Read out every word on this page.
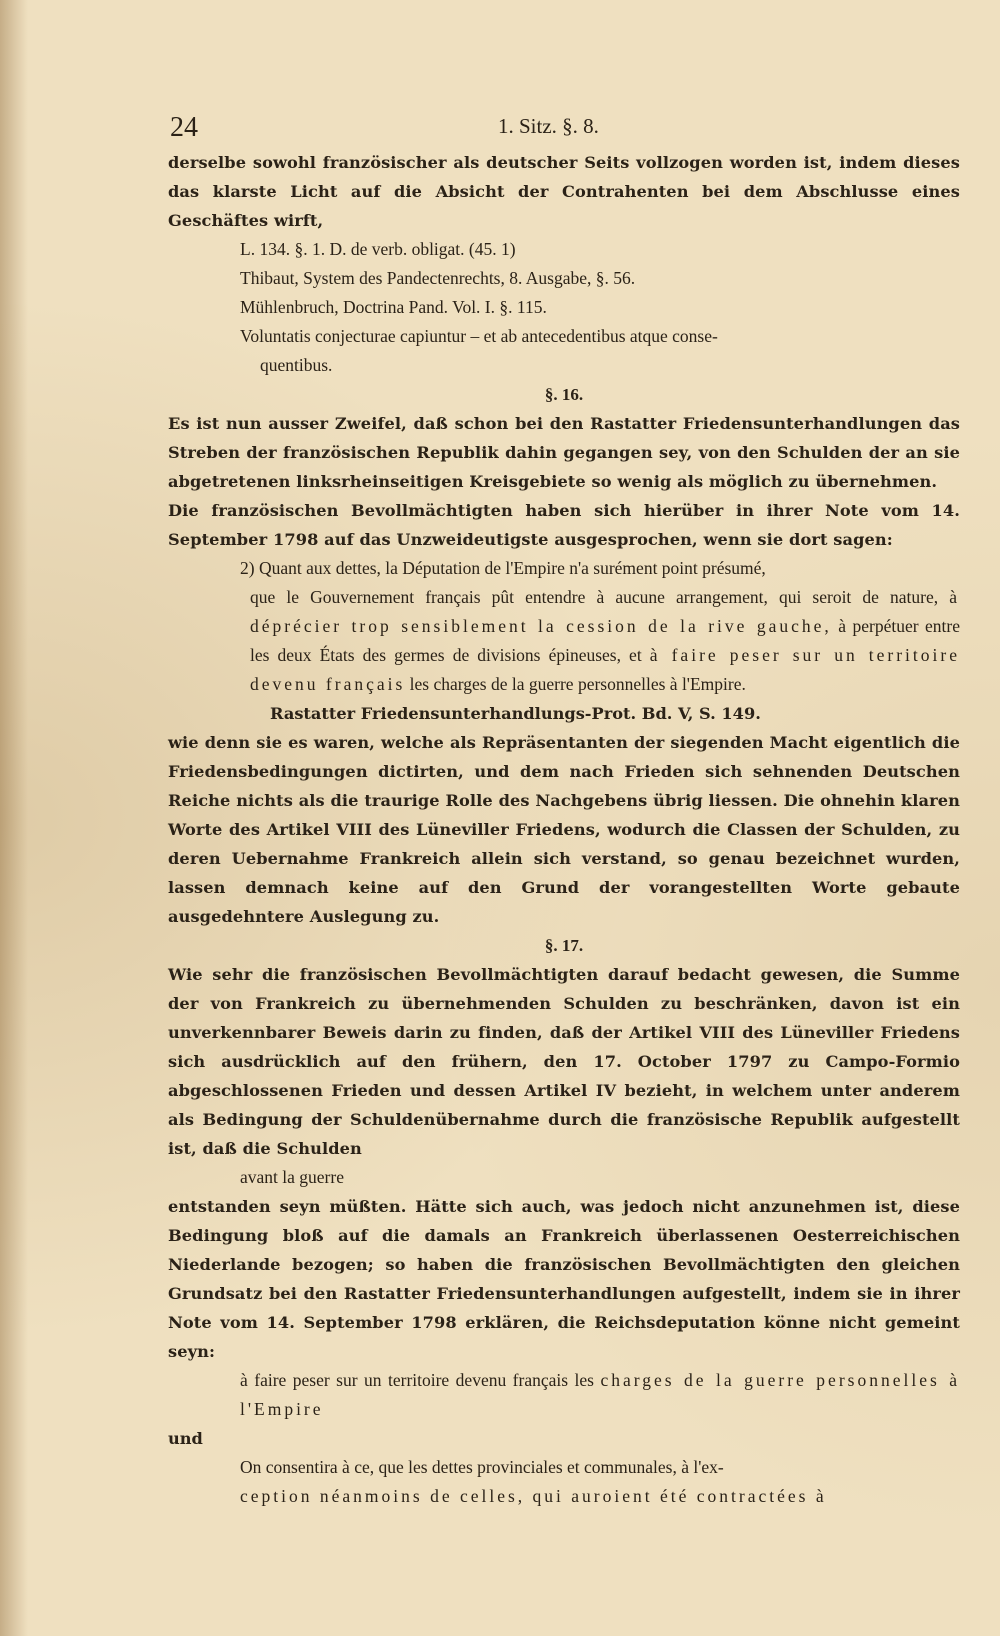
24	1. Sitz. §. 8.

derselbe sowohl französischer als deutscher Seits vollzogen worden ist, indem dieses das klarste Licht auf die Absicht der Contrahenten bei dem Abschlusse eines Geschäftes wirft,

L. 134. §. 1. D. de verb. obligat. (45. 1)

Thibaut, System des Pandectenrechts, 8. Ausgabe, §. 56.

Mühlenbruch, Doctrina Pand. Vol. I. §. 115.

Voluntatis conjecturae capiuntur – et ab antecedentibus atque conse-

quentibus.

§. 16.

Es ist nun ausser Zweifel, daß schon bei den Rastatter Friedensunterhandlungen das Streben der französischen Republik dahin gegangen sey, von den Schulden der an sie abgetretenen linksrheinseitigen Kreisgebiete so wenig als möglich zu übernehmen.

Die französischen Bevollmächtigten haben sich hierüber in ihrer Note vom 14. September 1798 auf das Unzweideutigste ausgesprochen, wenn sie dort sagen:

2) Quant aux dettes, la Députation de l'Empire n'a surément point présumé,
que le Gouvernement français pût entendre à aucune arrangement, qui seroit de nature, à déprécier trop sensiblement la cession de la rive gauche, à perpétuer entre les deux États des germes de divisions épineuses, et à faire peser sur un territoire devenu français les charges de la guerre personnelles à l'Empire.

Rastatter Friedensunterhandlungs-Prot. Bd. V, S. 149.

wie denn sie es waren, welche als Repräsentanten der siegenden Macht eigentlich die Friedensbedingungen dictirten, und dem nach Frieden sich sehnenden Deutschen Reiche nichts als die traurige Rolle des Nachgebens übrig liessen. Die ohnehin klaren Worte des Artikel VIII des Lüneviller Friedens, wodurch die Classen der Schulden, zu deren Uebernahme Frankreich allein sich verstand, so genau bezeichnet wurden, lassen demnach keine auf den Grund der vorangestellten Worte gebaute ausgedehntere Auslegung zu.

§. 17.

Wie sehr die französischen Bevollmächtigten darauf bedacht gewesen, die Summe der von Frankreich zu übernehmenden Schulden zu beschränken, davon ist ein unverkennbarer Beweis darin zu finden, daß der Artikel VIII des Lüneviller Friedens sich ausdrücklich auf den frühern, den 17. October 1797 zu Campo-Formio abgeschlossenen Frieden und dessen Artikel IV bezieht, in welchem unter anderem als Bedingung der Schuldenübernahme durch die französische Republik aufgestellt ist, daß die Schulden

avant la guerre

entstanden seyn müßten. Hätte sich auch, was jedoch nicht anzunehmen ist, diese Bedingung bloß auf die damals an Frankreich überlassenen Oesterreichischen Niederlande bezogen; so haben die französischen Bevollmächtigten den gleichen Grundsatz bei den Rastatter Friedensunterhandlungen aufgestellt, indem sie in ihrer Note vom 14. September 1798 erklären, die Reichsdeputation könne nicht gemeint seyn:

à faire peser sur un territoire devenu français les charges de la guerre personnelles à l'Empire

und

On consentira à ce, que les dettes provinciales et communales, à l'ex-
ception néanmoins de celles, qui auroient été contractées à
